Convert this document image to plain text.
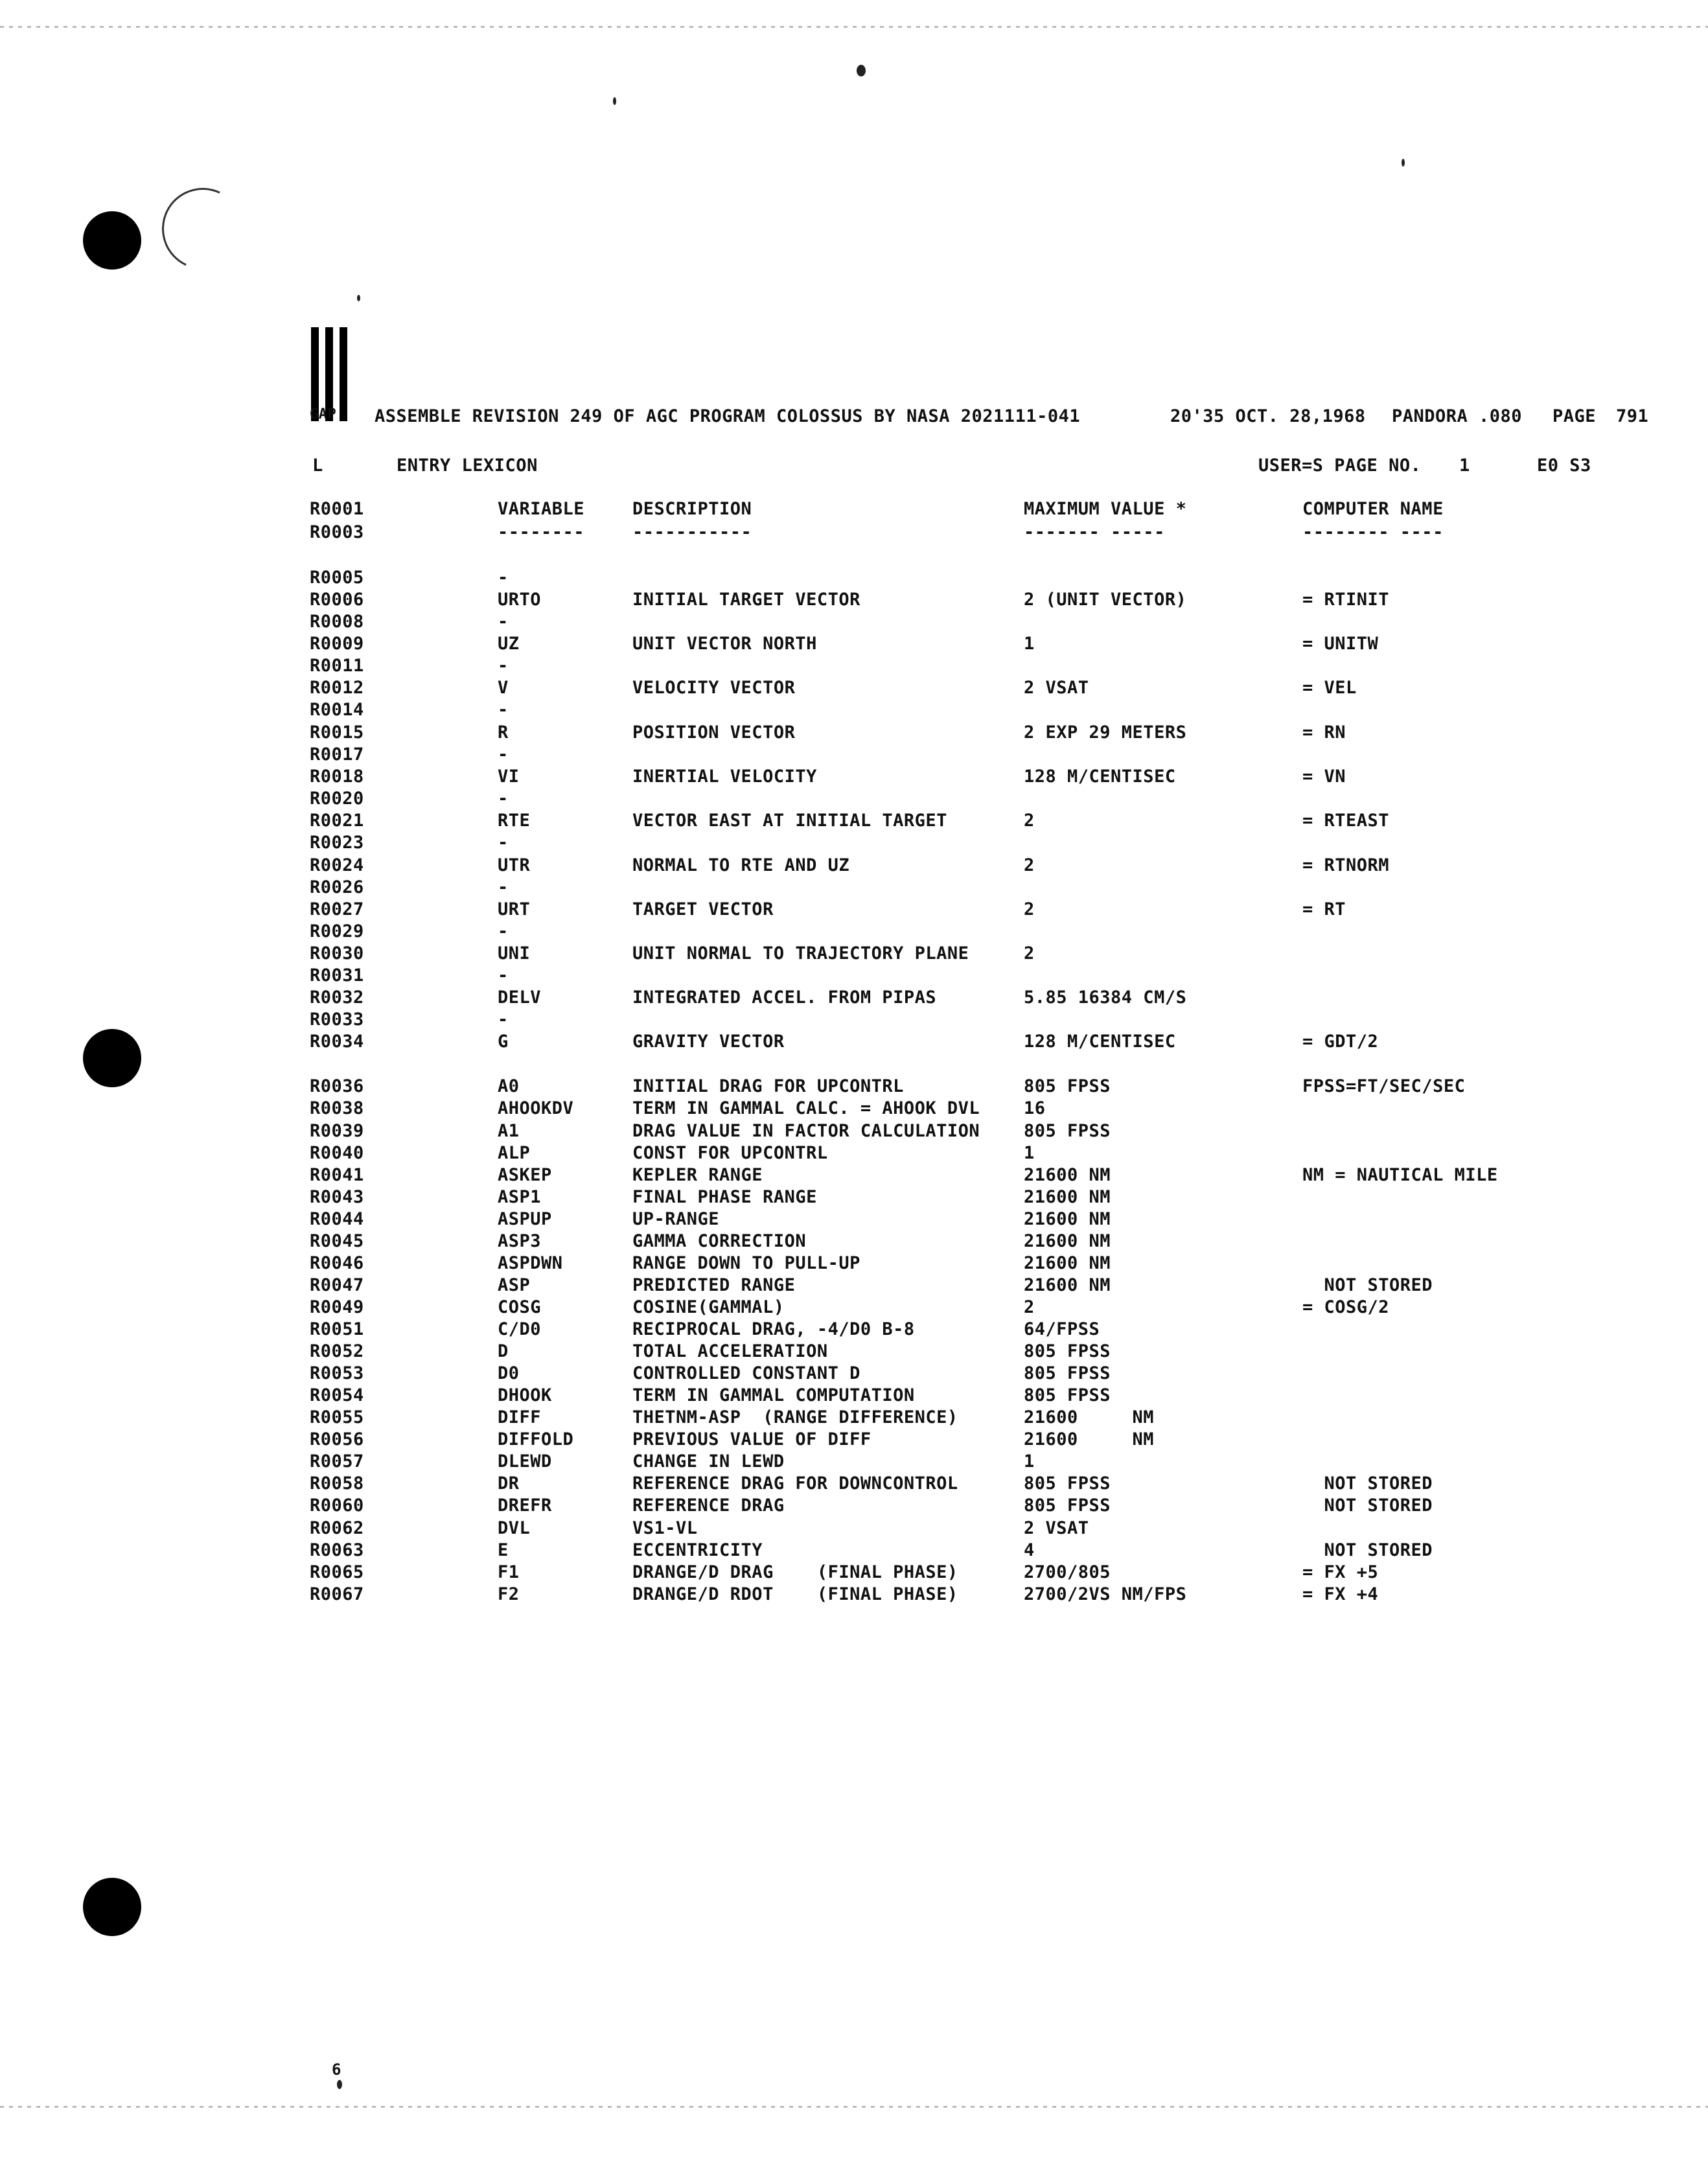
GAP ASSEMBLE REVISION 249 OF AGC PROGRAM COLOSSUS BY NASA 2021111-041	20'35 OCT. 28,1968 PANDORA .080 PAGE 791
L	ENTRY LEXICON	USER=S PAGE NO. 1	E0 S3
R0001	VARIABLE	DESCRIPTION	MAXIMUM VALUE *	COMPUTER NAME
R0003	--------	-----------	------- -----	-------- ----
R0005	-
R0006	URTO	INITIAL TARGET VECTOR	2 (UNIT VECTOR)	= RTINIT
R0008	-
R0009	UZ	UNIT VECTOR NORTH	1	= UNITW
R0011	-
R0012	V	VELOCITY VECTOR	2 VSAT	= VEL
R0014	-
R0015	R	POSITION VECTOR	2 EXP 29 METERS	= RN
R0017	-
R0018	VI	INERTIAL VELOCITY	128 M/CENTISEC	= VN
R0020	-
R0021	RTE	VECTOR EAST AT INITIAL TARGET	2	= RTEAST
R0023	-
R0024	UTR	NORMAL TO RTE AND UZ	2	= RTNORM
R0026	-
R0027	URT	TARGET VECTOR	2	= RT
R0029	-
R0030	UNI	UNIT NORMAL TO TRAJECTORY PLANE	2
R0031	-
R0032	DELV	INTEGRATED ACCEL. FROM PIPAS	5.85 16384 CM/S
R0033	-
R0034	G	GRAVITY VECTOR	128 M/CENTISEC	= GDT/2
R0036	A0	INITIAL DRAG FOR UPCONTRL	805 FPSS	FPSS=FT/SEC/SEC
R0038	AHOOKDV	TERM IN GAMMAL CALC. = AHOOK DVL	16
R0039	A1	DRAG VALUE IN FACTOR CALCULATION	805 FPSS
R0040	ALP	CONST FOR UPCONTRL	1
R0041	ASKEP	KEPLER RANGE	21600 NM	NM = NAUTICAL MILE
R0043	ASP1	FINAL PHASE RANGE	21600 NM
R0044	ASPUP	UP-RANGE	21600 NM
R0045	ASP3	GAMMA CORRECTION	21600 NM
R0046	ASPDWN	RANGE DOWN TO PULL-UP	21600 NM
R0047	ASP	PREDICTED RANGE	21600 NM	NOT STORED
R0049	COSG	COSINE(GAMMAL)	2	= COSG/2
R0051	C/D0	RECIPROCAL DRAG, -4/D0 B-8	64/FPSS
R0052	D	TOTAL ACCELERATION	805 FPSS
R0053	D0	CONTROLLED CONSTANT D	805 FPSS
R0054	DHOOK	TERM IN GAMMAL COMPUTATION	805 FPSS
R0055	DIFF	THETNM-ASP  (RANGE DIFFERENCE)	21600     NM
R0056	DIFFOLD	PREVIOUS VALUE OF DIFF	21600     NM
R0057	DLEWD	CHANGE IN LEWD	1
R0058	DR	REFERENCE DRAG FOR DOWNCONTROL	805 FPSS	NOT STORED
R0060	DREFR	REFERENCE DRAG	805 FPSS	NOT STORED
R0062	DVL	VS1-VL	2 VSAT
R0063	E	ECCENTRICITY	4	NOT STORED
R0065	F1	DRANGE/D DRAG    (FINAL PHASE)	2700/805	= FX +5
R0067	F2	DRANGE/D RDOT    (FINAL PHASE)	2700/2VS NM/FPS	= FX +4
6
